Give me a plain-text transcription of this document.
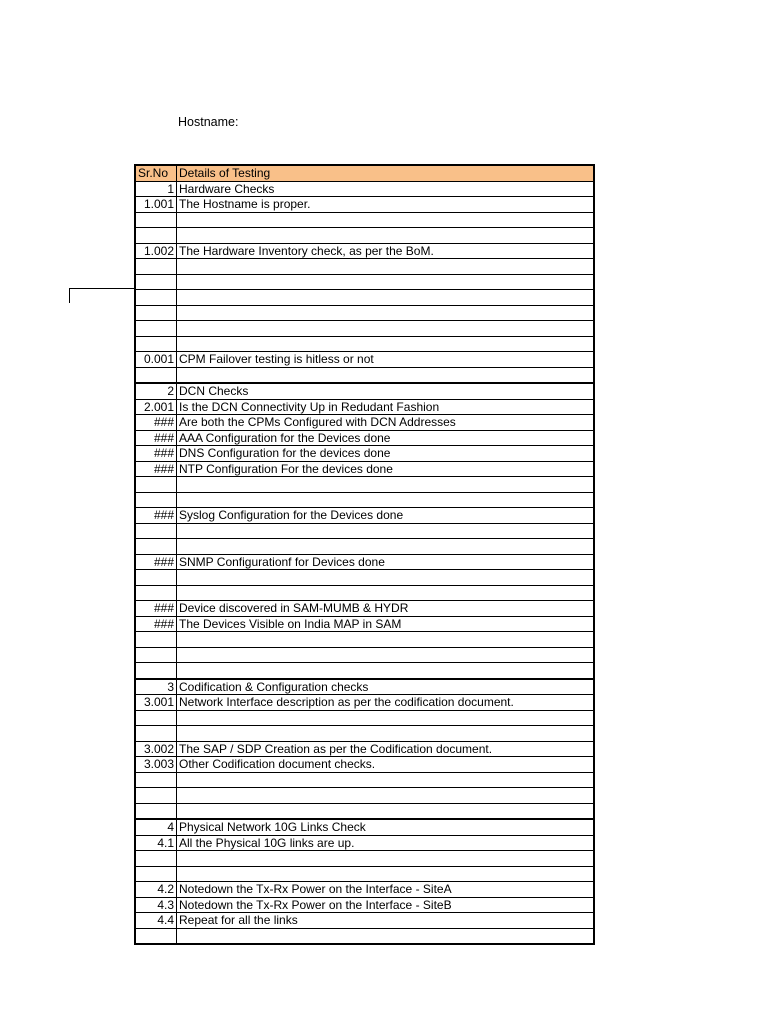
Hostname:
Sr.No	Details of Testing
1	Hardware Checks
1.001	The Hostname is proper.

1.002	The Hardware Inventory check, as per the BoM.

0.001	CPM Failover testing is hitless or not

2	DCN Checks
2.001	Is the DCN Connectivity Up in Redudant Fashion
###	Are both the CPMs Configured with DCN Addresses
###	AAA Configuration for the Devices done
###	DNS Configuration for the devices done
###	NTP Configuration For the devices done

###	Syslog Configuration for the Devices done

###	SNMP Configurationf for Devices done

###	Device discovered in SAM-MUMB & HYDR
###	The Devices Visible on India MAP in SAM

3	Codification & Configuration checks
3.001	Network Interface description as per the codification document.

3.002	The SAP / SDP Creation as per the Codification document.
3.003	Other Codification document checks.

4	Physical Network 10G Links Check
4.1	All the Physical 10G links are up.

4.2	Notedown the Tx-Rx Power on the Interface - SiteA
4.3	Notedown the Tx-Rx Power on the Interface - SiteB
4.4	Repeat for all the links
